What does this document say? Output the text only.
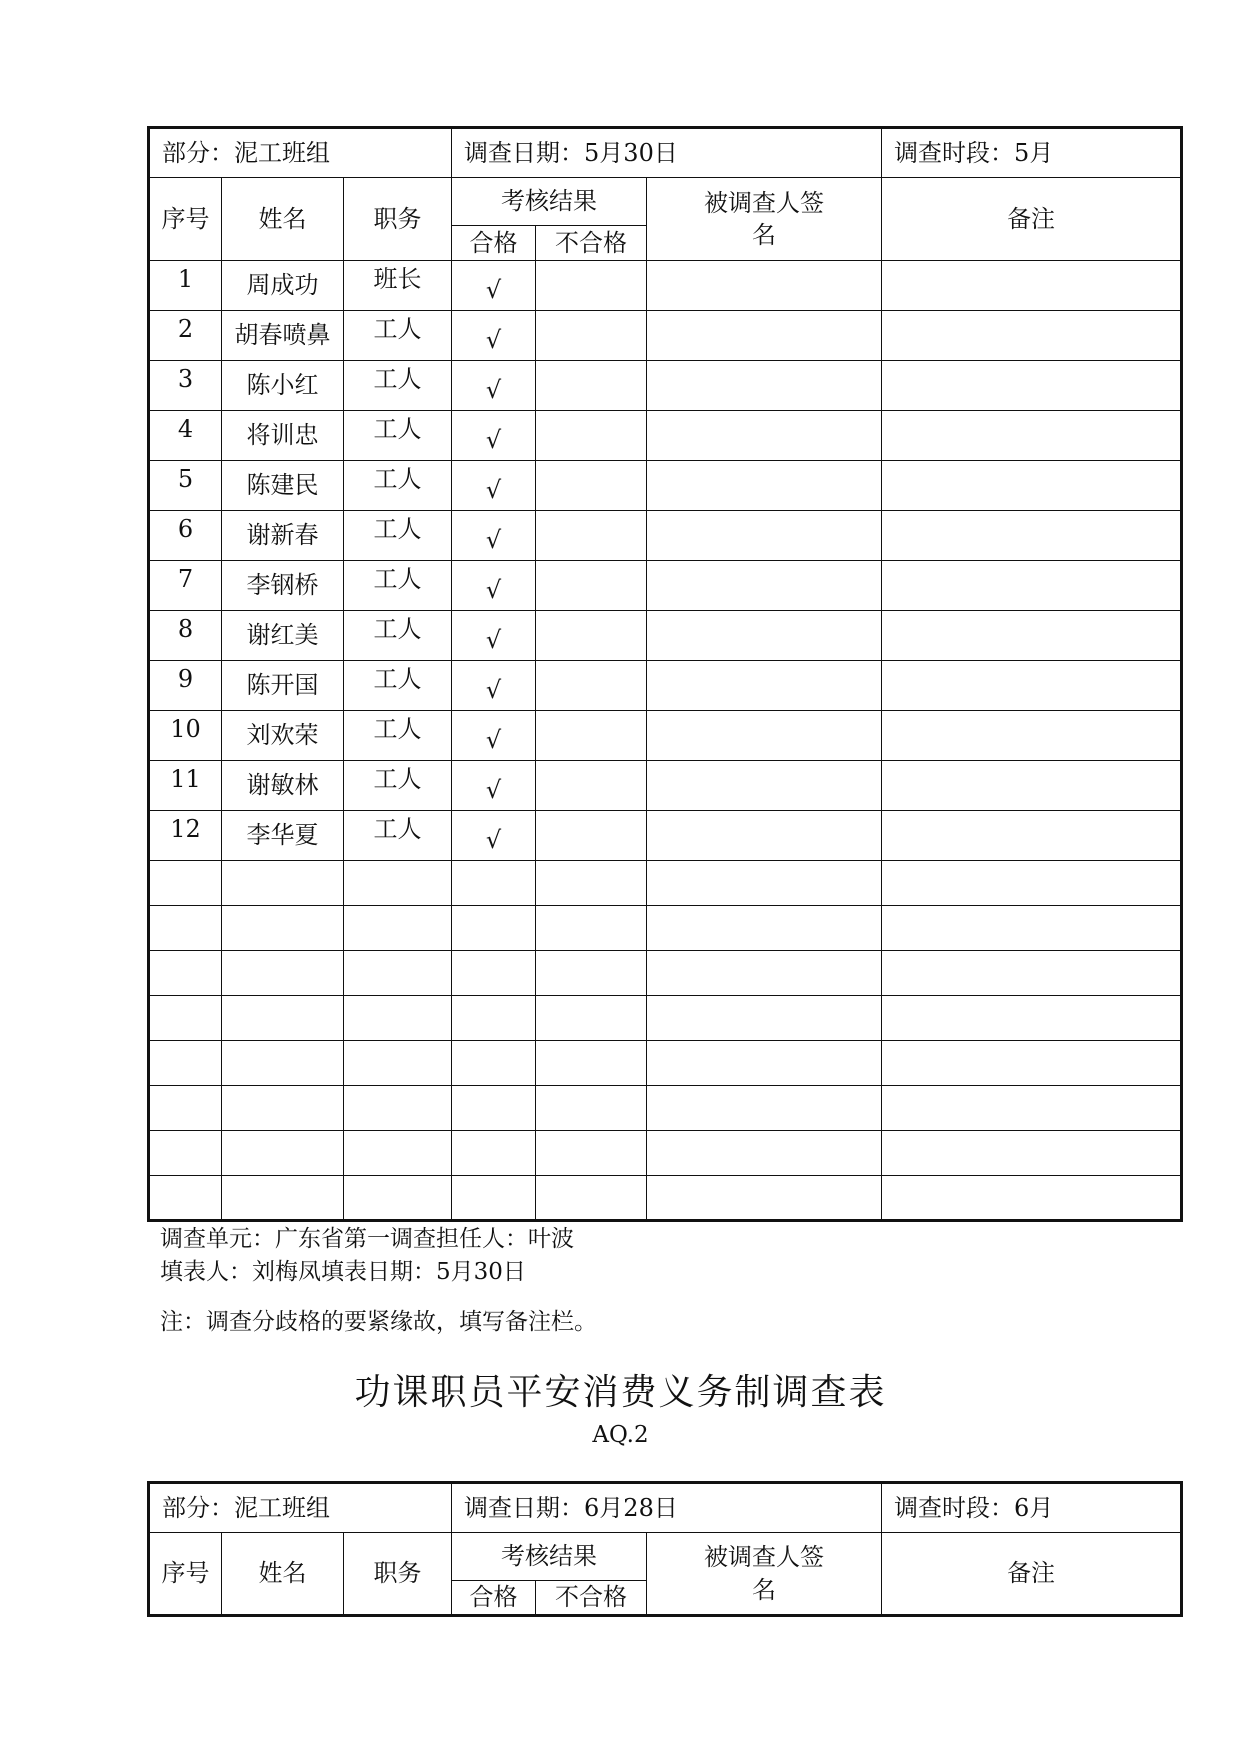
部分：泥工班组			调查日期：5月30日			调查时段：5月
序号	姓名	职务	考核结果		被调查人签名	备注
			合格	不合格		
1	周成功	班长	√			
2	胡春喷鼻	工人	√			
3	陈小红	工人	√			
4	将训忠	工人	√			
5	陈建民	工人	√			
6	谢新春	工人	√			
7	李钢桥	工人	√			
8	谢红美	工人	√			
9	陈开国	工人	√			
10	刘欢荣	工人	√			
11	谢敏林	工人	√			
12	李华夏	工人	√			

调查单元：广东省第一调查担任人：叶波
填表人：刘梅凤填表日期：5月30日
注：调查分歧格的要紧缘故，填写备注栏。
功课职员平安消费义务制调查表
AQ.2
部分：泥工班组			调查日期：6月28日			调查时段：6月
序号	姓名	职务	考核结果		被调查人签名	备注
			合格	不合格		
